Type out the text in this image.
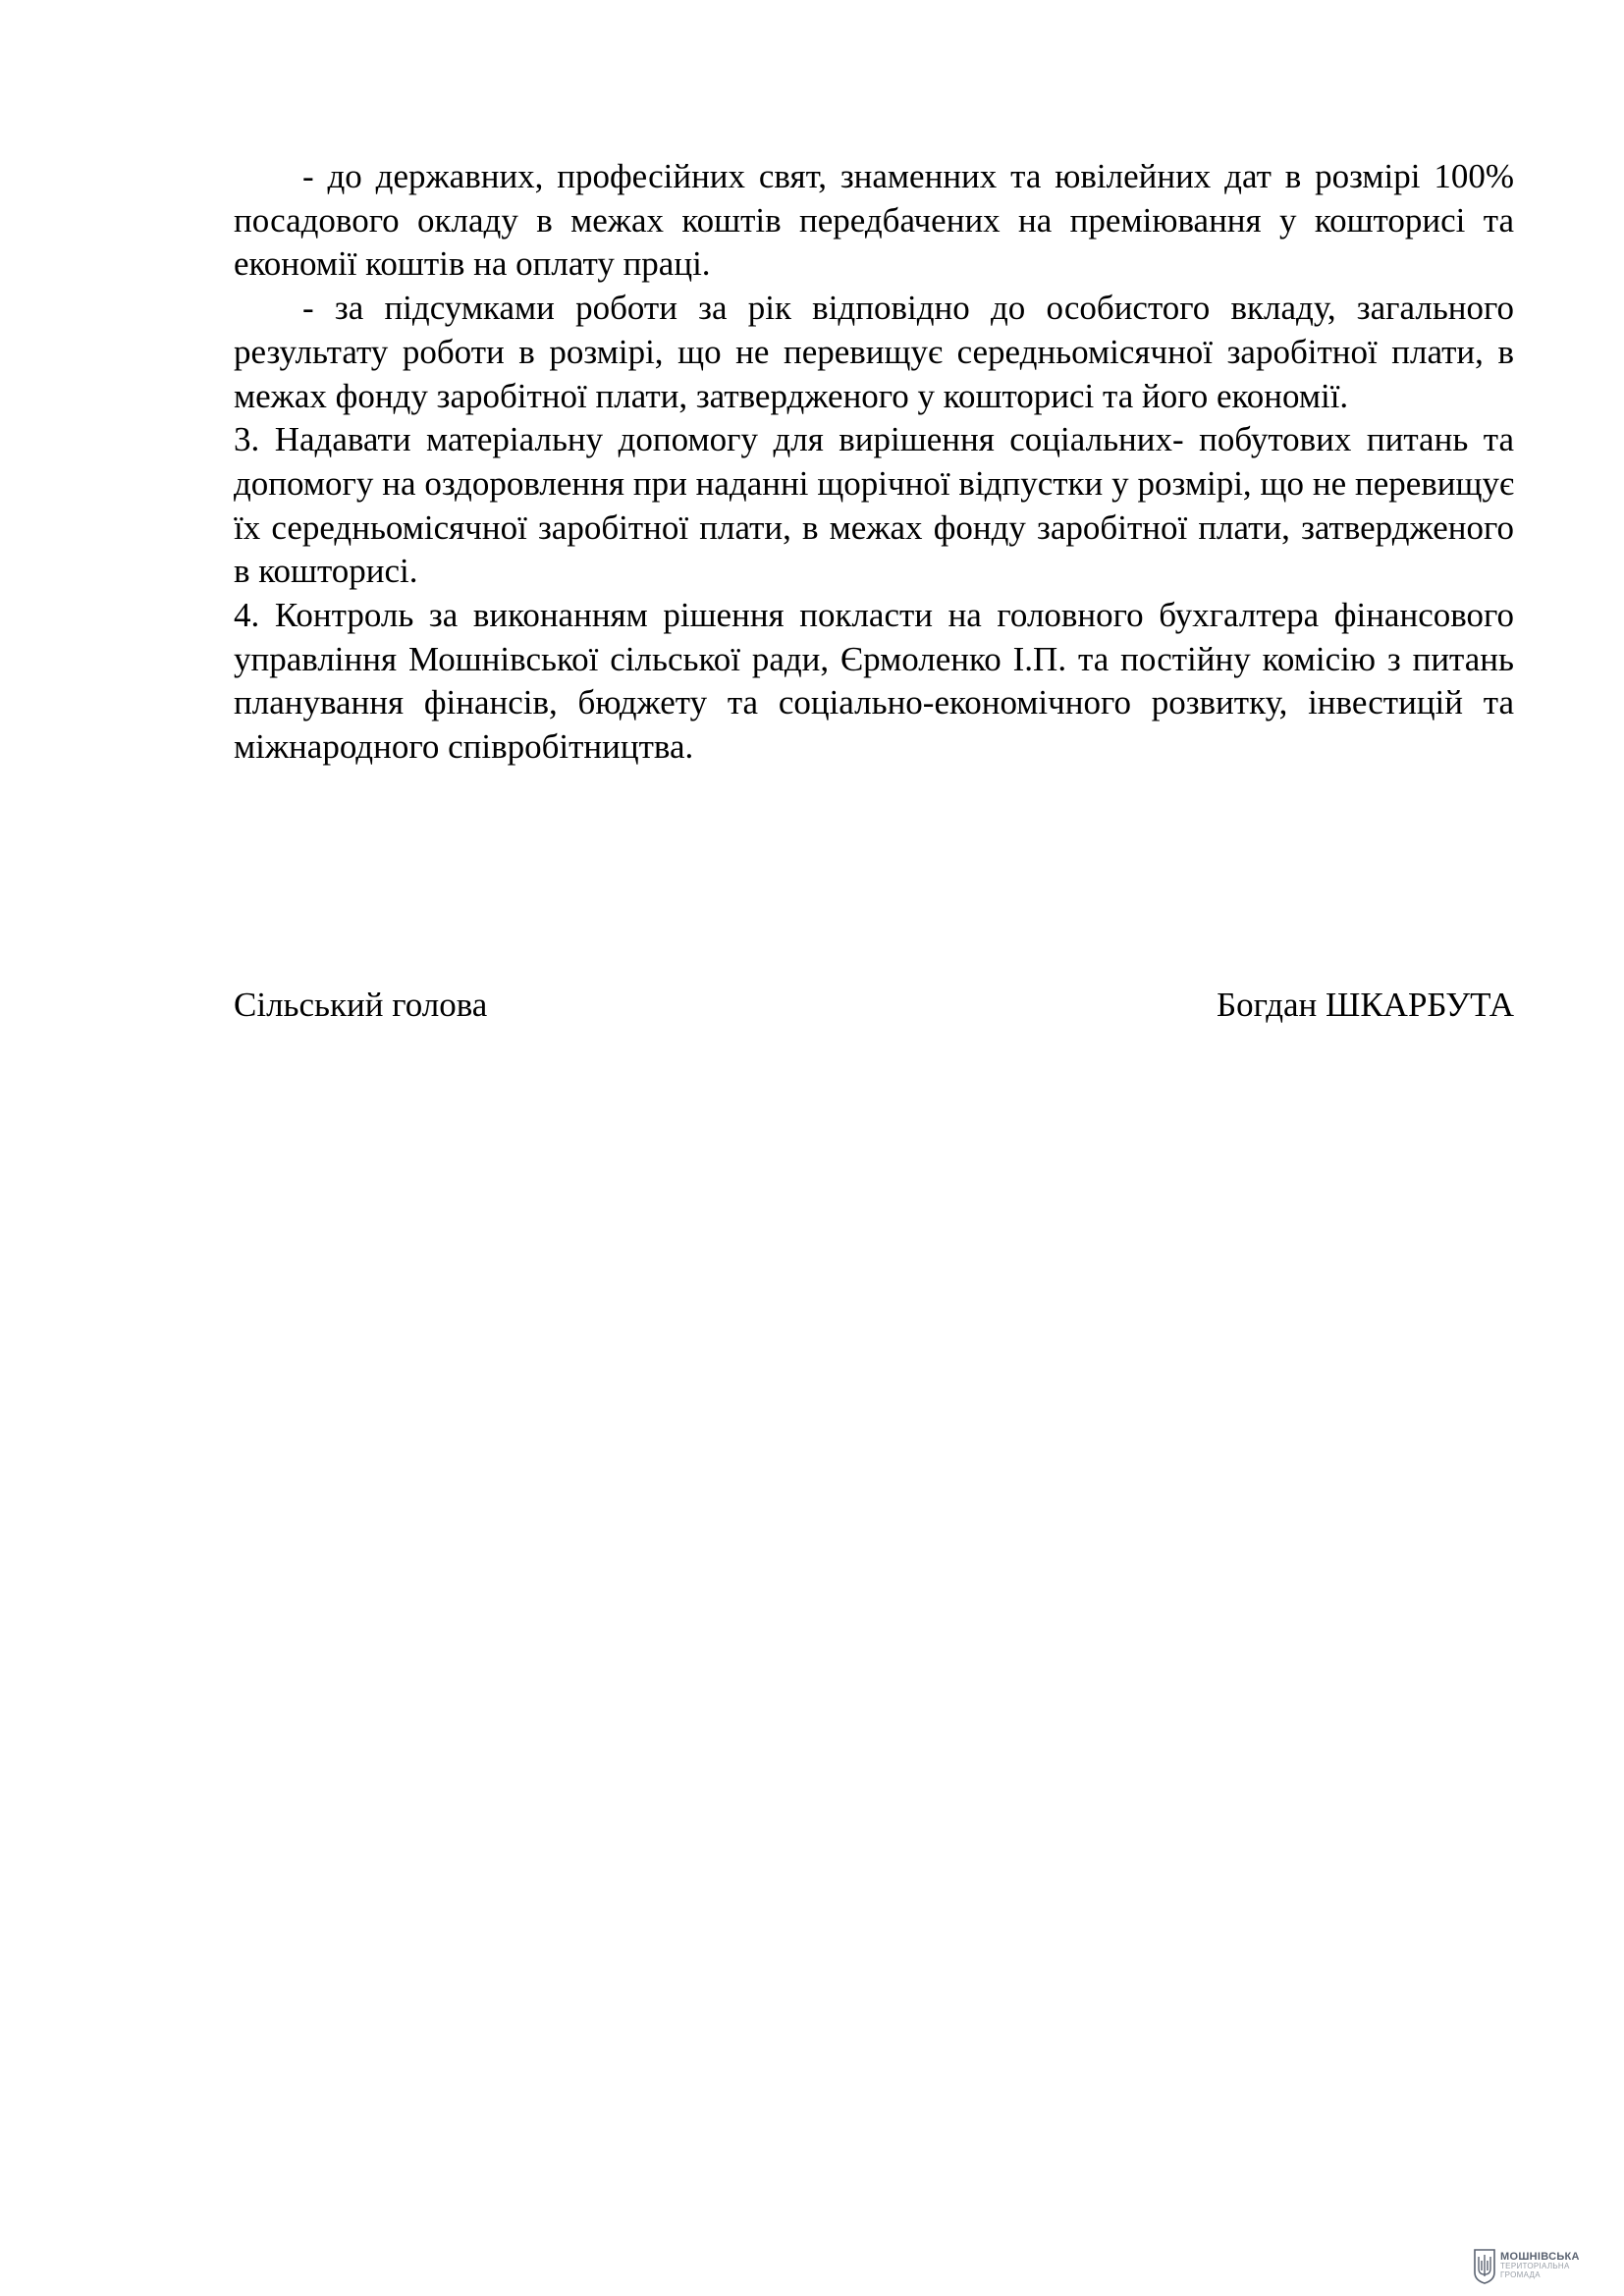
- до державних, професійних свят, знаменних та ювілейних дат в розмірі 100% посадового окладу в межах коштів передбачених на преміювання у кошторисі та економії коштів на оплату праці.

- за підсумками роботи за рік відповідно до особистого вкладу, загального результату роботи в розмірі, що не перевищує середньомісячної заробітної плати, в межах фонду заробітної плати, затвердженого у кошторисі та його економії.

3. Надавати матеріальну допомогу для вирішення соціальних- побутових питань та допомогу на оздоровлення при наданні щорічної відпустки у розмірі, що не перевищує їх середньомісячної заробітної плати, в межах фонду заробітної плати, затвердженого в кошторисі.

4. Контроль за виконанням рішення покласти на головного бухгалтера фінансового управління Мошнівської сільської ради, Єрмоленко І.П. та постійну комісію з питань планування фінансів, бюджету та соціально-економічного розвитку, інвестицій та міжнародного співробітництва.

Сільський голова	Богдан ШКАРБУТА
МОШНІВСЬКА
ТЕРИТОРІАЛЬНА
ГРОМАДА
